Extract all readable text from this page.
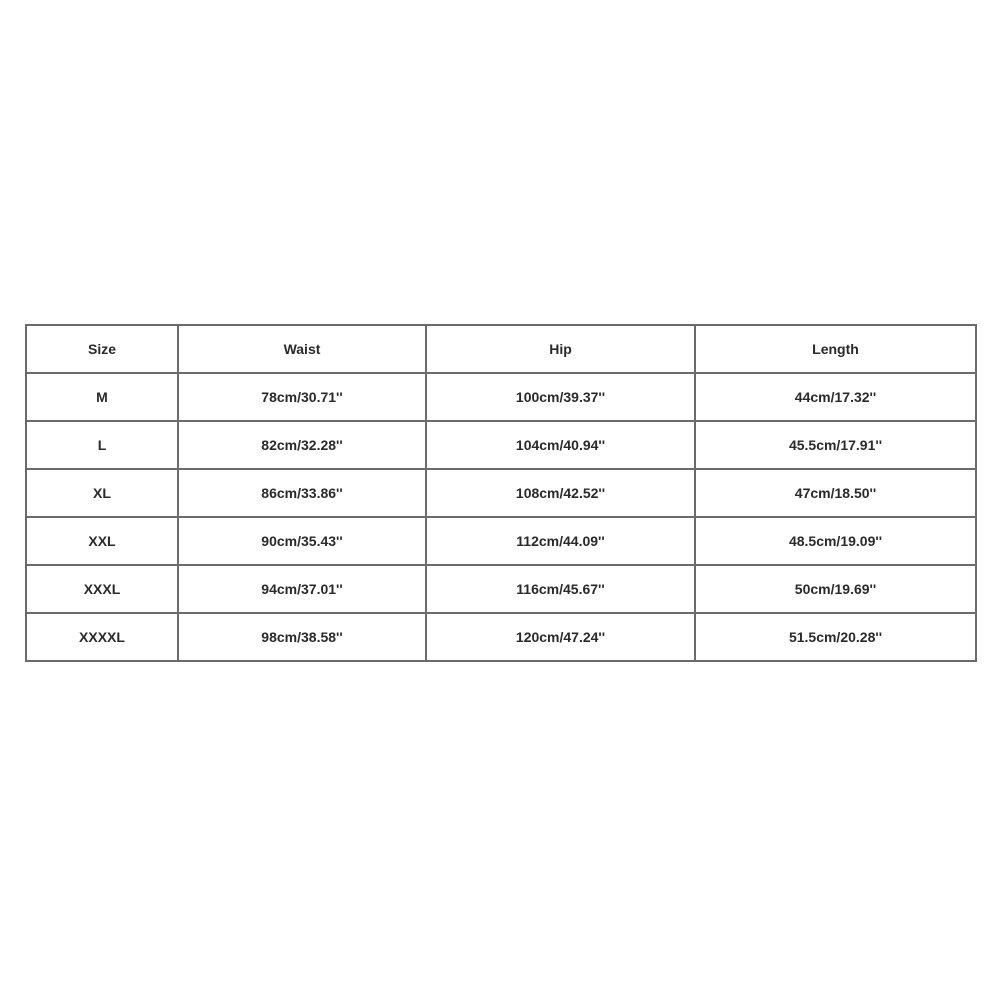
Size	Waist	Hip	Length
M	78cm/30.71''	100cm/39.37''	44cm/17.32''
L	82cm/32.28''	104cm/40.94''	45.5cm/17.91''
XL	86cm/33.86''	108cm/42.52''	47cm/18.50''
XXL	90cm/35.43''	112cm/44.09''	48.5cm/19.09''
XXXL	94cm/37.01''	116cm/45.67''	50cm/19.69''
XXXXL	98cm/38.58''	120cm/47.24''	51.5cm/20.28''
